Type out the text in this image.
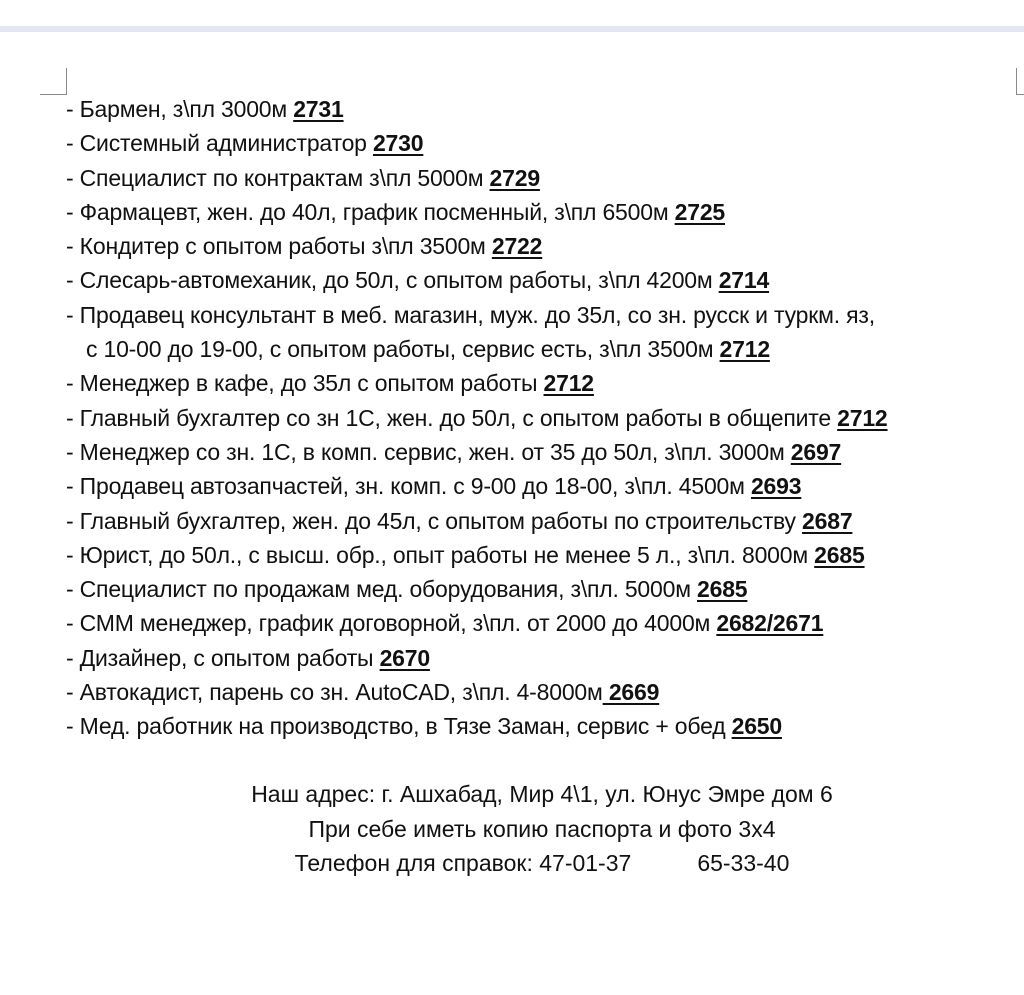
- Бармен, з\пл 3000м 2731
- Системный администратор 2730
- Специалист по контрактам з\пл 5000м 2729
- Фармацевт, жен. до 40л, график посменный, з\пл 6500м 2725
- Кондитер с опытом работы з\пл 3500м 2722
- Слесарь-автомеханик, до 50л, с опытом работы, з\пл 4200м 2714
- Продавец консультант в меб. магазин, муж. до 35л, со зн. русск и туркм. яз,
с 10-00 до 19-00, с опытом работы, сервис есть, з\пл 3500м 2712
- Менеджер в кафе, до 35л с опытом работы 2712
- Главный бухгалтер со зн 1С, жен. до 50л, с опытом работы в общепите 2712
- Менеджер со зн. 1С, в комп. сервис, жен. от 35 до 50л, з\пл. 3000м 2697
- Продавец автозапчастей, зн. комп. с 9-00 до 18-00, з\пл. 4500м 2693
- Главный бухгалтер, жен. до 45л, с опытом работы по строительству 2687
- Юрист, до 50л., с высш. обр., опыт работы не менее 5 л., з\пл. 8000м 2685
- Специалист по продажам мед. оборудования, з\пл. 5000м 2685
- СММ менеджер, график договорной, з\пл. от 2000 до 4000м 2682/2671
- Дизайнер, с опытом работы 2670
- Автокадист, парень со зн. AutoCAD, з\пл. 4-8000м 2669
- Мед. работник на производство, в Тязе Заман, сервис + обед 2650
Наш адрес: г. Ашхабад, Мир 4\1, ул. Юнус Эмре дом 6
При себе иметь копию паспорта и фото 3х4
Телефон для справок: 47-01-37	65-33-40
